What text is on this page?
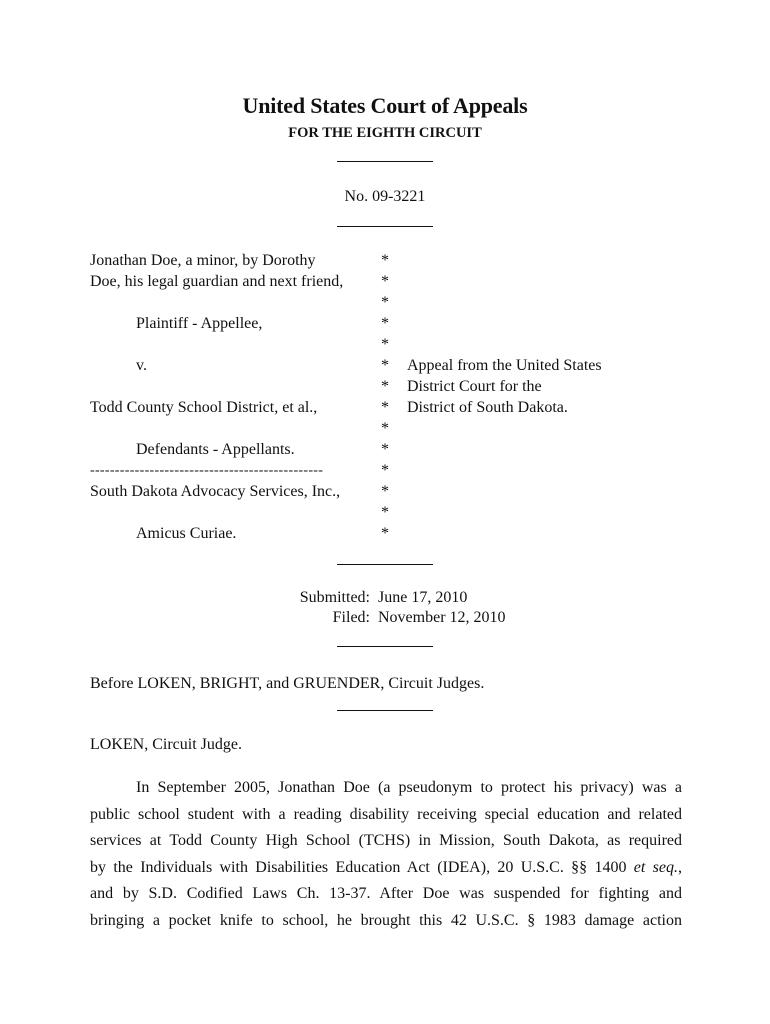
United States Court of Appeals
FOR THE EIGHTH CIRCUIT
No. 09-3221
Jonathan Doe, a minor, by Dorothy
Doe, his legal guardian and next friend,
Plaintiff - Appellee,
v.
Todd County School District, et al.,
Defendants - Appellants.
-----------------------------------------------
South Dakota Advocacy Services, Inc.,
Amicus Curiae.
*
*
*
*
*
*
*
*
*
*
*
*
*
*
Appeal from the United States
District Court for the
District of South Dakota.
Submitted: June 17, 2010
Filed: November 12, 2010
Before LOKEN, BRIGHT, and GRUENDER, Circuit Judges.
LOKEN, Circuit Judge.
In September 2005, Jonathan Doe (a pseudonym to protect his privacy) was a
public school student with a reading disability receiving special education and related
services at Todd County High School (TCHS) in Mission, South Dakota, as required
by the Individuals with Disabilities Education Act (IDEA), 20 U.S.C. §§ 1400 et seq.,
and by S.D. Codified Laws Ch. 13-37. After Doe was suspended for fighting and
bringing a pocket knife to school, he brought this 42 U.S.C. § 1983 damage action
